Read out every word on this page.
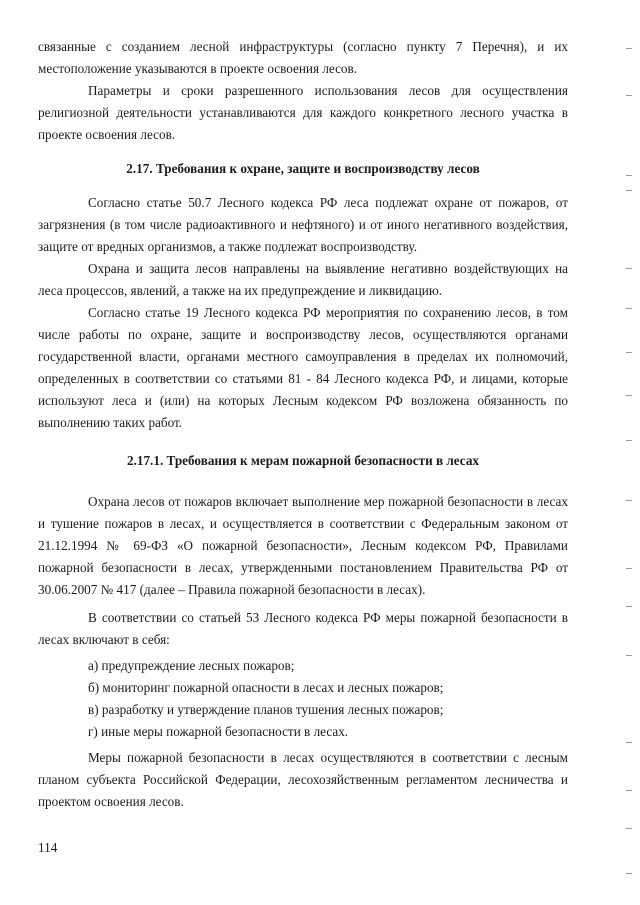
связанные с созданием лесной инфраструктуры (согласно пункту 7 Перечня), и их местоположение указываются в проекте освоения лесов.

Параметры и сроки разрешенного использования лесов для осуществления религиозной деятельности устанавливаются для каждого конкретного лесного участка в проекте освоения лесов.

2.17. Требования к охране, защите и воспроизводству лесов

Согласно статье 50.7 Лесного кодекса РФ леса подлежат охране от пожаров, от загрязнения (в том числе радиоактивного и нефтяного) и от иного негативного воздействия, защите от вредных организмов, а также подлежат воспроизводству.

Охрана и защита лесов направлены на выявление негативно воздействующих на леса процессов, явлений, а также на их предупреждение и ликвидацию.

Согласно статье 19 Лесного кодекса РФ мероприятия по сохранению лесов, в том числе работы по охране, защите и воспроизводству лесов, осуществляются органами государственной власти, органами местного самоуправления в пределах их полномочий, определенных в соответствии со статьями 81 - 84 Лесного кодекса РФ, и лицами, которые используют леса и (или) на которых Лесным кодексом РФ возложена обязанность по выполнению таких работ.

2.17.1. Требования к мерам пожарной безопасности в лесах

Охрана лесов от пожаров включает выполнение мер пожарной безопасности в лесах и тушение пожаров в лесах, и осуществляется в соответствии с Федеральным законом от 21.12.1994 № 69-ФЗ «О пожарной безопасности», Лесным кодексом РФ, Правилами пожарной безопасности в лесах, утвержденными постановлением Правительства РФ от 30.06.2007 № 417 (далее – Правила пожарной безопасности в лесах).

В соответствии со статьей 53 Лесного кодекса РФ меры пожарной безопасности в лесах включают в себя:

а) предупреждение лесных пожаров;

б) мониторинг пожарной опасности в лесах и лесных пожаров;

в) разработку и утверждение планов тушения лесных пожаров;

г) иные меры пожарной безопасности в лесах.

Меры пожарной безопасности в лесах осуществляются в соответствии с лесным планом субъекта Российской Федерации, лесохозяйственным регламентом лесничества и проектом освоения лесов.

114
